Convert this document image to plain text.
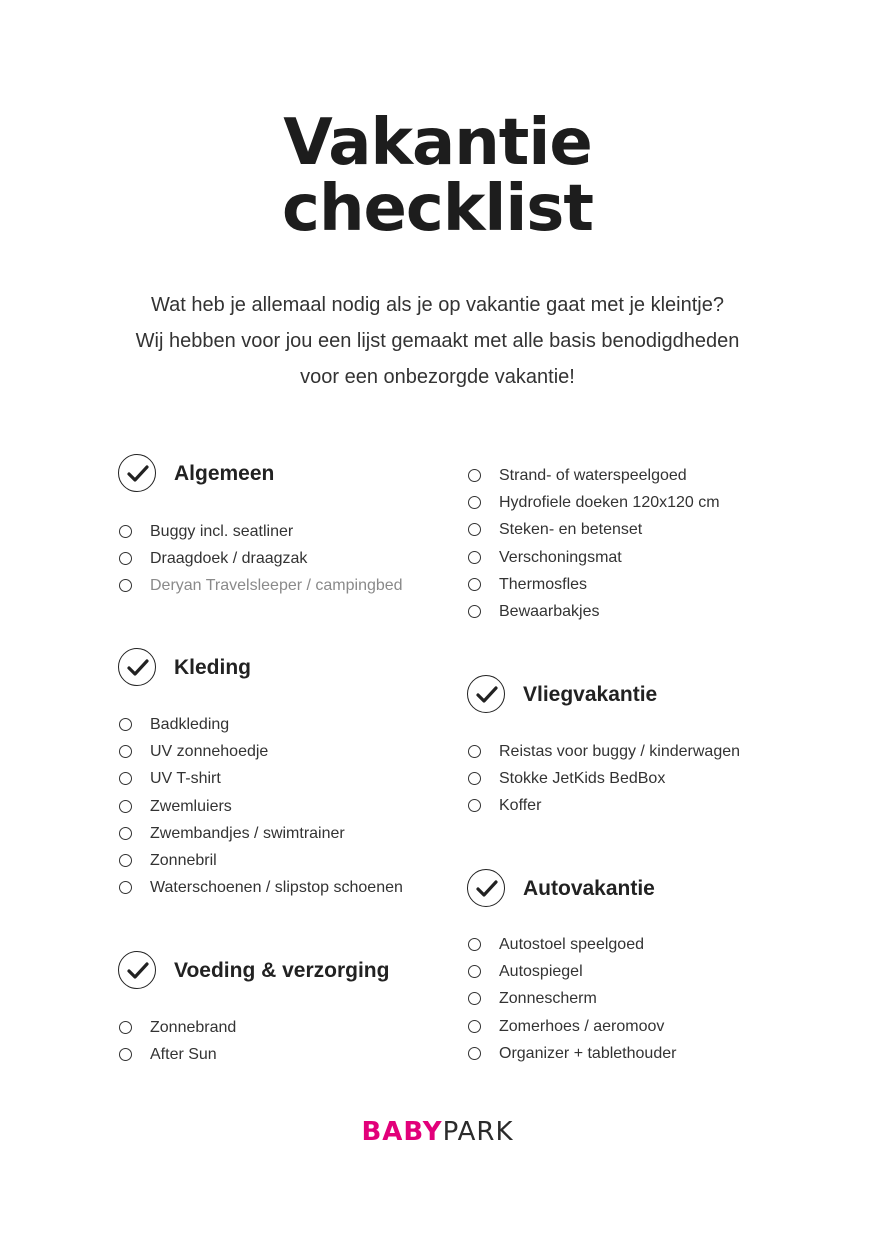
Vakantie
checklist
Wat heb je allemaal nodig als je op vakantie gaat met je kleintje?
Wij hebben voor jou een lijst gemaakt met alle basis benodigdheden
voor een onbezorgde vakantie!
Algemeen
Buggy incl. seatliner
Draagdoek / draagzak
Deryan Travelsleeper / campingbed
Kleding
Badkleding
UV zonnehoedje
UV T-shirt
Zwemluiers
Zwembandjes / swimtrainer
Zonnebril
Waterschoenen / slipstop schoenen
Voeding & verzorging
Zonnebrand
After Sun
Strand- of waterspeelgoed
Hydrofiele doeken 120x120 cm
Steken- en betenset
Verschoningsmat
Thermosfles
Bewaarbakjes
Vliegvakantie
Reistas voor buggy / kinderwagen
Stokke JetKids BedBox
Koffer
Autovakantie
Autostoel speelgoed
Autospiegel
Zonnescherm
Zomerhoes / aeromoov
Organizer + tablethouder
BABYPARK
